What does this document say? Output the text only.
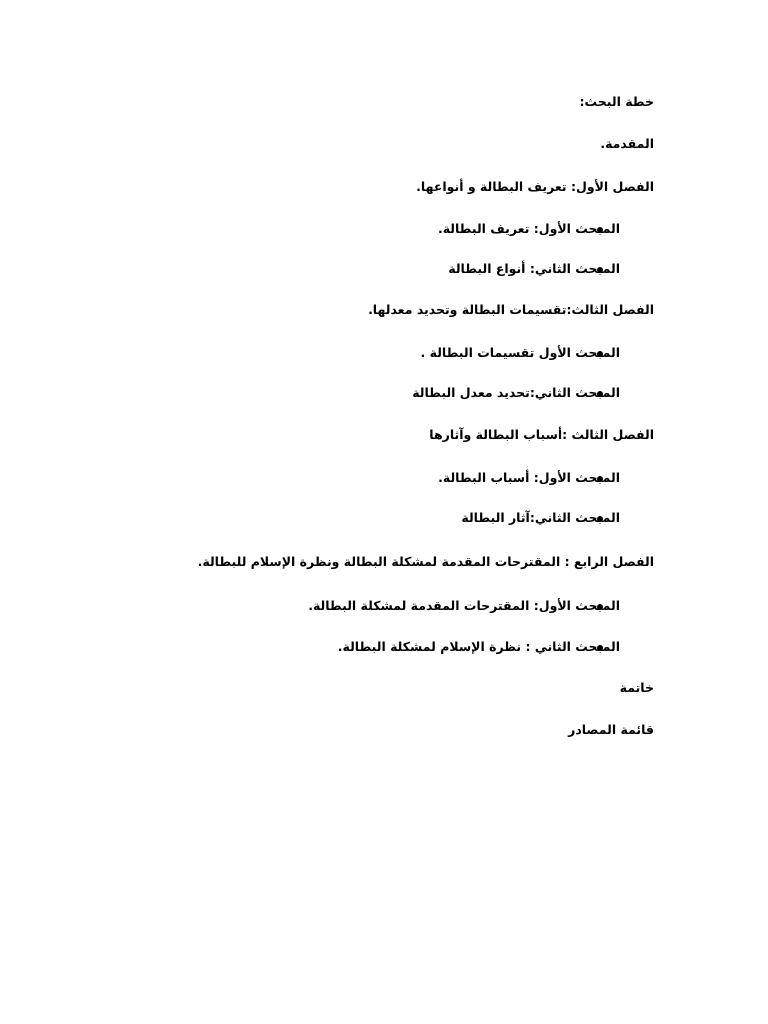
خطة البحث:
المقدمة.
الفصل الأول: تعريف البطالة و أنواعها.
المبحث الأول: تعريف البطالة.
المبحث الثاني: أنواع البطالة
الفصل الثالث:تقسيمات البطالة وتحديد معدلها.
المبحث الأول تقسيمات البطالة .
المبحث الثاني:تحديد معدل البطالة
الفصل الثالث :أسباب البطالة وآثارها
المبحث الأول: أسباب البطالة.
المبحث الثاني:آثار البطالة
الفصل الرابع : المقترحات المقدمة لمشكلة البطالة ونظرة الإسلام للبطالة.
المبحث الأول: المقترحات المقدمة لمشكلة البطالة.
المبحث الثاني : نظرة الإسلام لمشكلة البطالة.
خاتمة
قائمة المصادر
